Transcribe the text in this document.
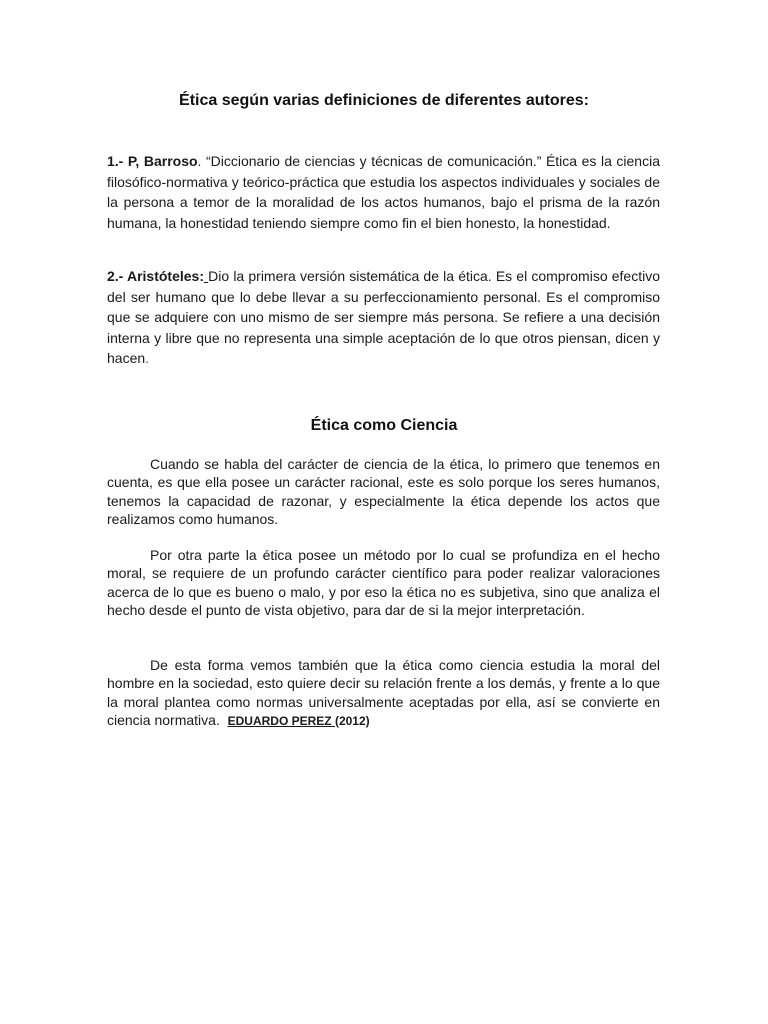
Ética según varias definiciones de diferentes autores:

1.- P, Barroso. “Diccionario de ciencias y técnicas de comunicación.” Ética es la ciencia filosófico-normativa y teórico-práctica que estudia los aspectos individuales y sociales de la persona a temor de la moralidad de los actos humanos, bajo el prisma de la razón humana, la honestidad teniendo siempre como fin el bien honesto, la honestidad.

2.- Aristóteles: Dio la primera versión sistemática de la ética. Es el compromiso efectivo del ser humano que lo debe llevar a su perfeccionamiento personal. Es el compromiso que se adquiere con uno mismo de ser siempre más persona. Se refiere a una decisión interna y libre que no representa una simple aceptación de lo que otros piensan, dicen y hacen.

Ética como Ciencia

Cuando se habla del carácter de ciencia de la ética, lo primero que tenemos en cuenta, es que ella posee un carácter racional, este es solo porque los seres humanos, tenemos la capacidad de razonar, y especialmente la ética depende los actos que realizamos como humanos.

Por otra parte la ética posee un método por lo cual se profundiza en el hecho moral, se requiere de un profundo carácter científico para poder realizar valoraciones acerca de lo que es bueno o malo, y por eso la ética no es subjetiva, sino que analiza el hecho desde el punto de vista objetivo, para dar de si la mejor interpretación.

De esta forma vemos también que la ética como ciencia estudia la moral del hombre en la sociedad, esto quiere decir su relación frente a los demás, y frente a lo que la moral plantea como normas universalmente aceptadas por ella, así se convierte en ciencia normativa. EDUARDO PEREZ (2012)
